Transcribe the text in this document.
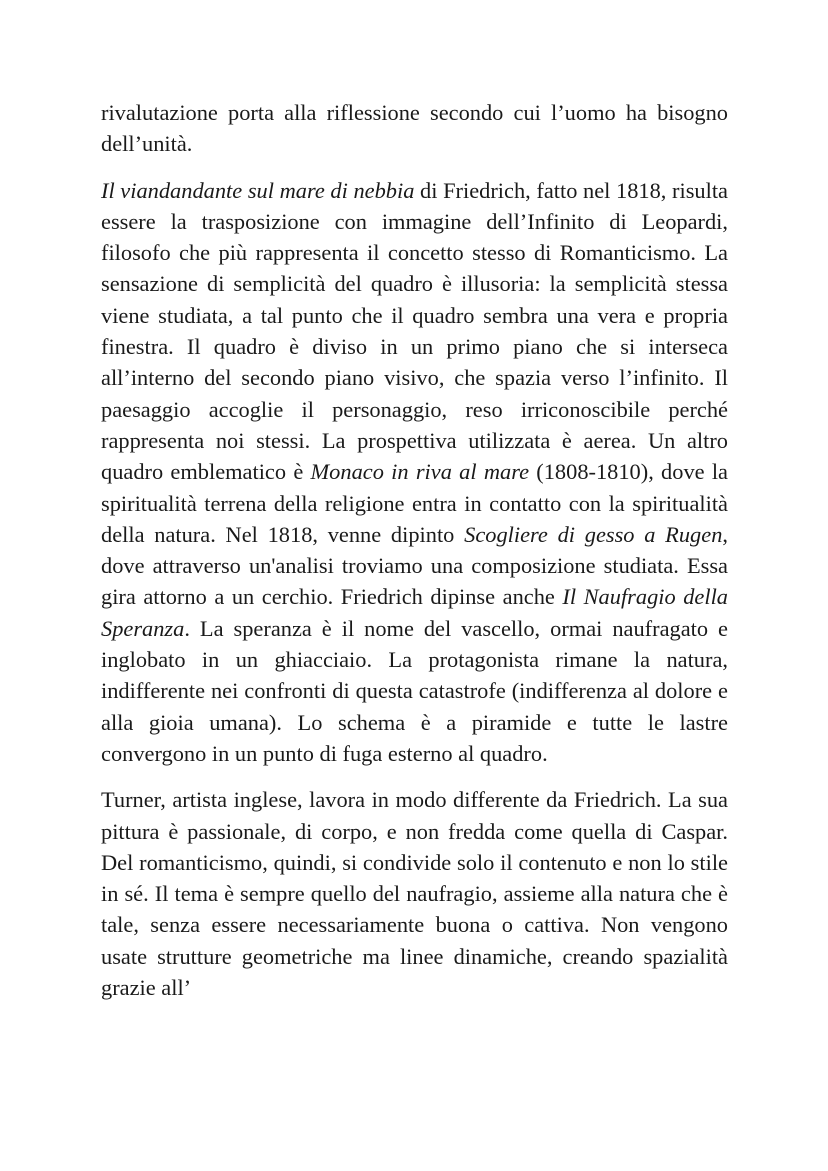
rivalutazione porta alla riflessione secondo cui l’uomo ha bisogno dell’unità.

Il viandandante sul mare di nebbia di Friedrich, fatto nel 1818, risulta essere la trasposizione con immagine dell’Infinito di Leopardi, filosofo che più rappresenta il concetto stesso di Romanticismo. La sensazione di semplicità del quadro è illusoria: la semplicità stessa viene studiata, a tal punto che il quadro sembra una vera e propria finestra. Il quadro è diviso in un primo piano che si interseca all’interno del secondo piano visivo, che spazia verso l’infinito. Il paesaggio accoglie il personaggio, reso irriconoscibile perché rappresenta noi stessi. La prospettiva utilizzata è aerea. Un altro quadro emblematico è Monaco in riva al mare (1808-1810), dove la spiritualità terrena della religione entra in contatto con la spiritualità della natura. Nel 1818, venne dipinto Scogliere di gesso a Rugen, dove attraverso un'analisi troviamo una composizione studiata. Essa gira attorno a un cerchio. Friedrich dipinse anche Il Naufragio della Speranza. La speranza è il nome del vascello, ormai naufragato e inglobato in un ghiacciaio. La protagonista rimane la natura, indifferente nei confronti di questa catastrofe (indifferenza al dolore e alla gioia umana). Lo schema è a piramide e tutte le lastre convergono in un punto di fuga esterno al quadro.

Turner, artista inglese, lavora in modo differente da Friedrich. La sua pittura è passionale, di corpo, e non fredda come quella di Caspar. Del romanticismo, quindi, si condivide solo il contenuto e non lo stile in sé. Il tema è sempre quello del naufragio, assieme alla natura che è tale, senza essere necessariamente buona o cattiva. Non vengono usate strutture geometriche ma linee dinamiche, creando spazialità grazie all’
